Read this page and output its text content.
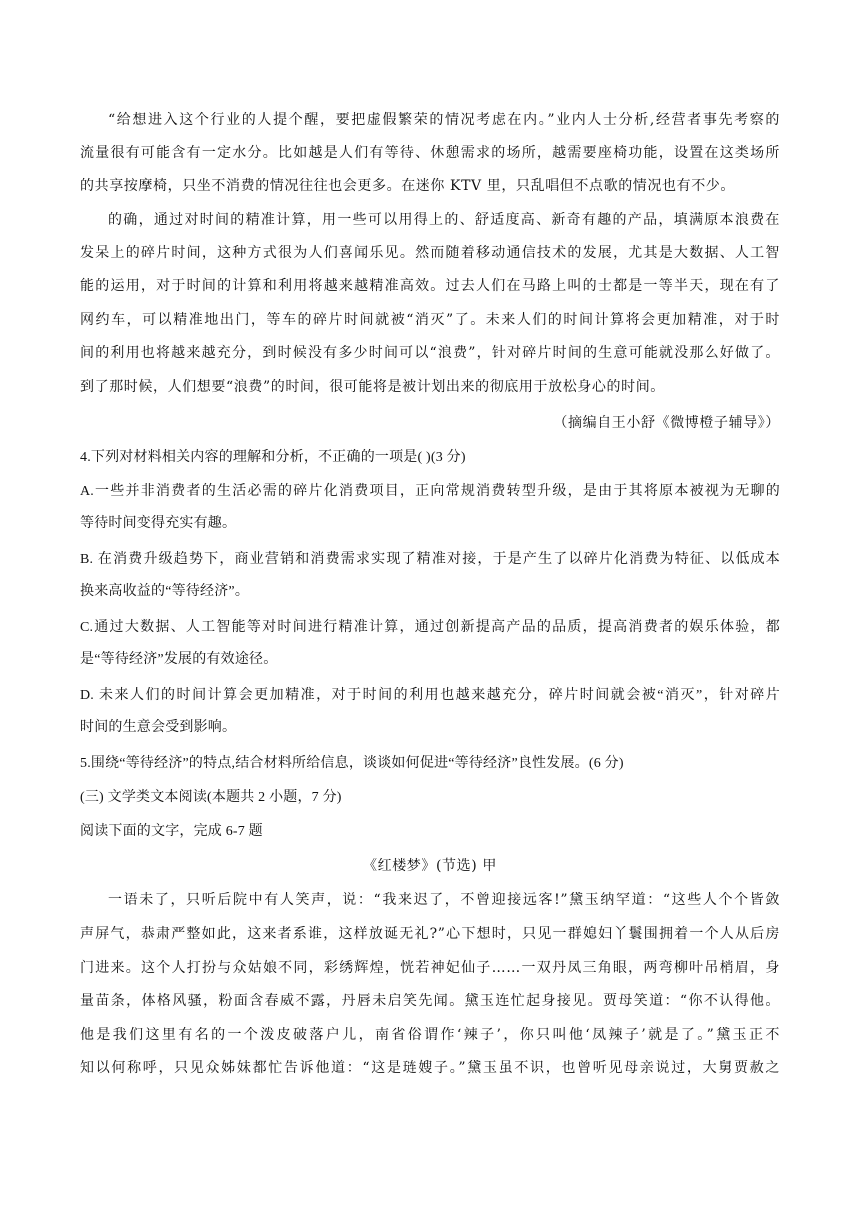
“给想进入这个行业的人提个醒，要把虚假繁荣的情况考虑在内。”业内人士分析,经营者事先考察的
流量很有可能含有一定水分。比如越是人们有等待、休憩需求的场所，越需要座椅功能，设置在这类场所
的共享按摩椅，只坐不消费的情况往往也会更多。在迷你 KTV 里，只乱唱但不点歌的情况也有不少。
的确，通过对时间的精准计算，用一些可以用得上的、舒适度高、新奇有趣的产品，填满原本浪费在
发呆上的碎片时间，这种方式很为人们喜闻乐见。然而随着移动通信技术的发展，尤其是大数据、人工智
能的运用，对于时间的计算和利用将越来越精准高效。过去人们在马路上叫的士都是一等半天，现在有了
网约车，可以精准地出门，等车的碎片时间就被“消灭”了。未来人们的时间计算将会更加精准，对于时
间的利用也将越来越充分，到时候没有多少时间可以“浪费”，针对碎片时间的生意可能就没那么好做了。
到了那时候，人们想要“浪费”的时间，很可能将是被计划出来的彻底用于放松身心的时间。
（摘编自王小舒《微博橙子辅导》）
4.下列对材料相关内容的理解和分析，不正确的一项是( )(3 分)
A.一些并非消费者的生活必需的碎片化消费项目，正向常规消费转型升级，是由于其将原本被视为无聊的
等待时间变得充实有趣。
B. 在消费升级趋势下，商业营销和消费需求实现了精准对接，于是产生了以碎片化消费为特征、以低成本
换来高收益的“等待经济”。
C.通过大数据、人工智能等对时间进行精准计算，通过创新提高产品的品质，提高消费者的娱乐体验，都
是“等待经济”发展的有效途径。
D. 未来人们的时间计算会更加精准，对于时间的利用也越来越充分，碎片时间就会被“消灭”，针对碎片
时间的生意会受到影响。
5.围绕“等待经济”的特点,结合材料所给信息，谈谈如何促进“等待经济”良性发展。(6 分)
(三) 文学类文本阅读(本题共 2 小题，7 分)
阅读下面的文字，完成 6-7 题
《红楼梦》(节选) 甲
一语未了，只听后院中有人笑声，说：“我来迟了，不曾迎接远客!”黛玉纳罕道：“这些人个个皆敛
声屏气，恭肃严整如此，这来者系谁，这样放诞无礼?”心下想时，只见一群媳妇丫鬟围拥着一个人从后房
门进来。这个人打扮与众姑娘不同，彩绣辉煌，恍若神妃仙子……一双丹凤三角眼，两弯柳叶吊梢眉，身
量苗条，体格风骚，粉面含春威不露，丹唇未启笑先闻。黛玉连忙起身接见。贾母笑道：“你不认得他。
他是我们这里有名的一个泼皮破落户儿，南省俗谓作‘辣子’，你只叫他‘凤辣子’就是了。”黛玉正不
知以何称呼，只见众姊妹都忙告诉他道：“这是琏嫂子。”黛玉虽不识，也曾听见母亲说过，大舅贾赦之
